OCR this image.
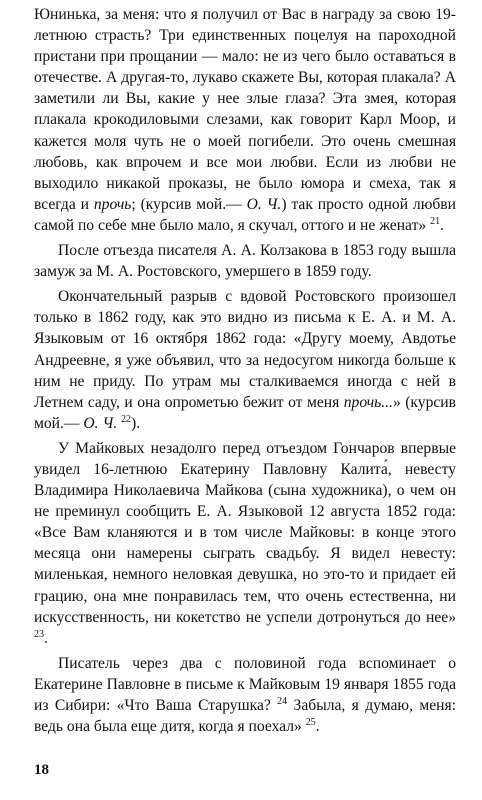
Юнинька, за меня: что я получил от Вас в награду за свою 19-летнюю страсть? Три единственных поцелуя на пароходной пристани при прощании — мало: не из чего было оставаться в отечестве. А другая-то, лукаво скажете Вы, которая плакала? А заметили ли Вы, какие у нее злые глаза? Эта змея, которая плакала крокодиловыми слезами, как говорит Карл Моор, и кажется моля чуть не о моей погибели. Это очень смешная любовь, как впрочем и все мои любви. Если из любви не выходило никакой проказы, не было юмора и смеха, так я всегда и прочь; (курсив мой.— О. Ч.) так просто одной любви самой по себе мне было мало, я скучал, оттого и не женат» $^{21}$.

После отъезда писателя А. А. Колзакова в 1853 году вышла замуж за М. А. Ростовского, умершего в 1859 году.

Окончательный разрыв с вдовой Ростовского произошел только в 1862 году, как это видно из письма к Е. А. и М. А. Языковым от 16 октября 1862 года: «Другу моему, Авдотье Андреевне, я уже объявил, что за недосугом никогда больше к ним не приду. По утрам мы сталкиваемся иногда с ней в Летнем саду, и она опрометью бежит от меня прочь...» (курсив мой.— О. Ч. $^{22}$).

У Майковых незадолго перед отъездом Гончаров впервые увидел 16-летнюю Екатерину Павловну Калита́, невесту Владимира Николаевича Майкова (сына художника), о чем он не преминул сообщить Е. А. Языковой 12 августа 1852 года: «Все Вам кланяются и в том числе Майковы: в конце этого месяца они намерены сыграть свадьбу. Я видел невесту: миленькая, немного неловкая девушка, но это-то и придает ей грацию, она мне понравилась тем, что очень естественна, ни искусственность, ни кокетство не успели дотронуться до нее» $^{23}$.

Писатель через два с половиной года вспоминает о Екатерине Павловне в письме к Майковым 19 января 1855 года из Сибири: «Что Ваша Старушка? $^{24}$ Забыла, я думаю, меня: ведь она была еще дитя, когда я поехал» $^{25}$.

18
